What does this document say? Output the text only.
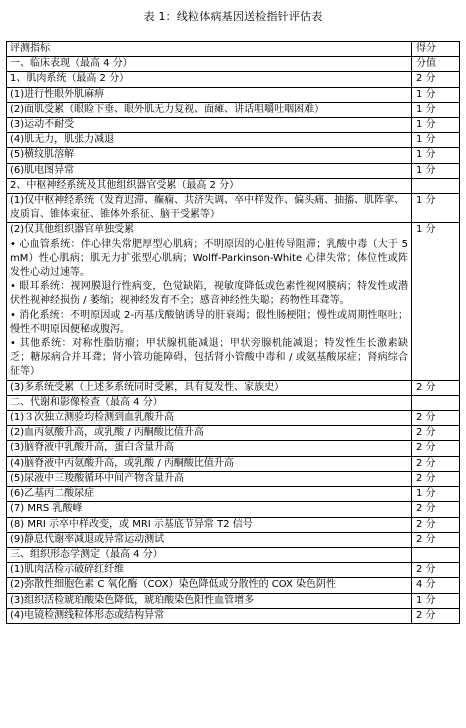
表 1：线粒体病基因送检指针评估表
评测指标	得分
一、临床表现（最高 4 分）	分值
1、肌肉系统（最高 2 分）	2 分
(1)进行性眼外肌麻痹	1 分
(2)面肌受累（眼睑下垂、眼外肌无力复视、面瘫、讲话咀嚼吐咽困难）	1 分
(3)运动不耐受	1 分
(4)肌无力，肌张力减退	1 分
(5)横纹肌溶解	1 分
(6)肌电图异常	1 分
2、中枢神经系统及其他组织器官受累（最高 2 分）	
(1)仅中枢神经系统（发育迟滞、癫痫、共济失调、卒中样发作、偏头痛、抽搐、肌阵挛、皮质盲、锥体束征、锥体外系征、脑干受累等）	1 分

(2)仅其他组织器官单独受累
• 心血管系统：伴心律失常肥厚型心肌病；不明原因的心脏传导阻滞；乳酸中毒（大于 5mM）性心肌病；肌无力扩张型心肌病；Wolff-Parkinson-White 心律失常；体位性或阵发性心动过速等。
• 眼耳系统：视网膜退行性病变，色觉缺陷，视敏度降低或色素性视网膜病；特发性或潜伏性视神经损伤 / 萎缩；视神经发育不全；感音神经性失聪；药物性耳聋等。
• 消化系统：不明原因或 2-丙基戊酸钠诱导的肝衰竭；假性肠梗阻；慢性或周期性呕吐；慢性不明原因便秘或腹泻。
• 其他系统：对称性脂肪瘤；甲状腺机能减退；甲状旁腺机能减退；特发性生长激素缺乏；糖尿病合并耳聋；肾小管功能障碍，包括肾小管酸中毒和 / 或氨基酸尿症；肾病综合征等）	1 分
(3)多系统受累（上述多系统同时受累，具有复发性、家族史）	2 分
二、代谢和影像检查（最高 4 分）	
(1)３次独立测验均检测到血乳酸升高	2 分
(2)血丙氨酸升高，或乳酸 / 丙酮酸比值升高	2 分
(3)脑脊液中乳酸升高，蛋白含量升高	2 分
(4)脑脊液中丙氨酸升高，或乳酸 / 丙酮酸比值升高	2 分
(5)尿液中三羧酸循环中间产物含量升高	2 分
(6)乙基丙二酸尿症	1 分
(7) MRS 乳酸峰	2 分
(8) MRI 示卒中样改变，或 MRI 示基底节异常 T2 信号	2 分
(9)静息代谢率减退或异常运动测试	2 分
三、组织形态学测定（最高 4 分）	
(1)肌肉活检示破碎红纤维	2 分
(2)弥散性细胞色素 C 氧化酶（COX）染色降低或分散性的 COX 染色阴性	4 分
(3)组织活检琥珀酸染色降低，琥珀酸染色阳性血管增多	1 分
(4)电镜检测线粒体形态或结构异常	2 分
